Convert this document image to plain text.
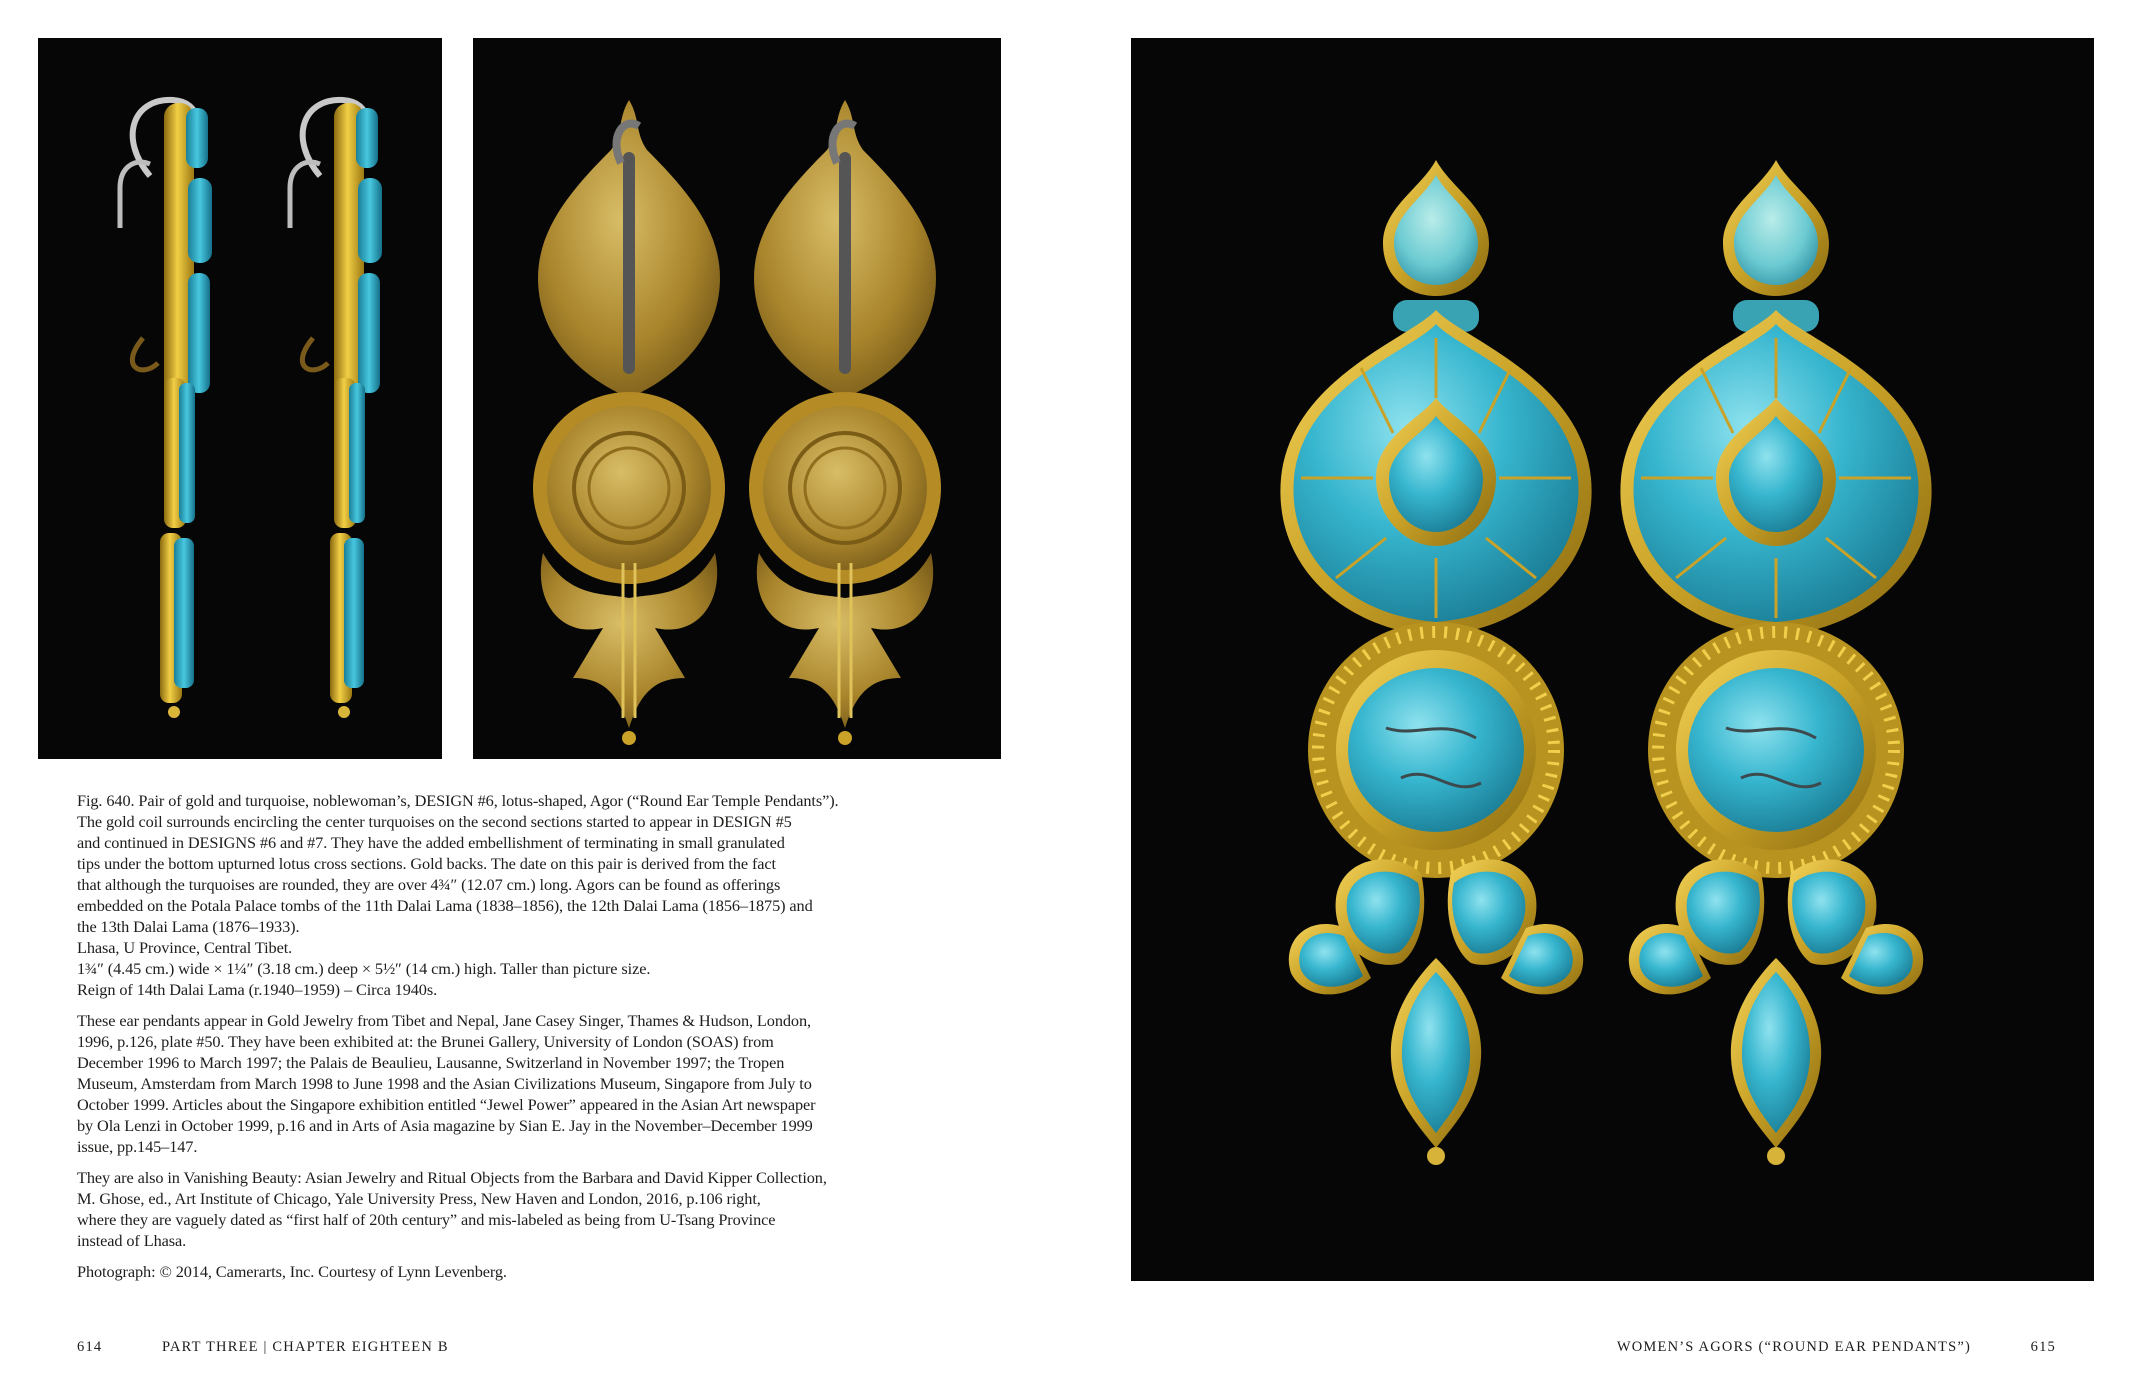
Fig. 640. Pair of gold and turquoise, noblewoman’s, DESIGN #6, lotus-shaped, Agor (“Round Ear Temple Pendants”).
The gold coil surrounds encircling the center turquoises on the second sections started to appear in DESIGN #5
and continued in DESIGNS #6 and #7. They have the added embellishment of terminating in small granulated
tips under the bottom upturned lotus cross sections. Gold backs. The date on this pair is derived from the fact
that although the turquoises are rounded, they are over 4¾″ (12.07 cm.) long. Agors can be found as offerings
embedded on the Potala Palace tombs of the 11th Dalai Lama (1838–1856), the 12th Dalai Lama (1856–1875) and
the 13th Dalai Lama (1876–1933).
Lhasa, U Province, Central Tibet.
1¾″ (4.45 cm.) wide × 1¼″ (3.18 cm.) deep × 5½″ (14 cm.) high. Taller than picture size.
Reign of 14th Dalai Lama (r.1940–1959) – Circa 1940s.

These ear pendants appear in Gold Jewelry from Tibet and Nepal, Jane Casey Singer, Thames & Hudson, London,
1996, p.126, plate #50. They have been exhibited at: the Brunei Gallery, University of London (SOAS) from
December 1996 to March 1997; the Palais de Beaulieu, Lausanne, Switzerland in November 1997; the Tropen
Museum, Amsterdam from March 1998 to June 1998 and the Asian Civilizations Museum, Singapore from July to
October 1999. Articles about the Singapore exhibition entitled “Jewel Power” appeared in the Asian Art newspaper
by Ola Lenzi in October 1999, p.16 and in Arts of Asia magazine by Sian E. Jay in the November–December 1999
issue, pp.145–147.

They are also in Vanishing Beauty: Asian Jewelry and Ritual Objects from the Barbara and David Kipper Collection,
M. Ghose, ed., Art Institute of Chicago, Yale University Press, New Haven and London, 2016, p.106 right,
where they are vaguely dated as “first half of 20th century” and mis-labeled as being from U-Tsang Province
instead of Lhasa.

Photograph: © 2014, Camerarts, Inc. Courtesy of Lynn Levenberg.

614	PART THREE | CHAPTER EIGHTEEN B	WOMEN’S AGORS (“ROUND EAR PENDANTS”)	615
